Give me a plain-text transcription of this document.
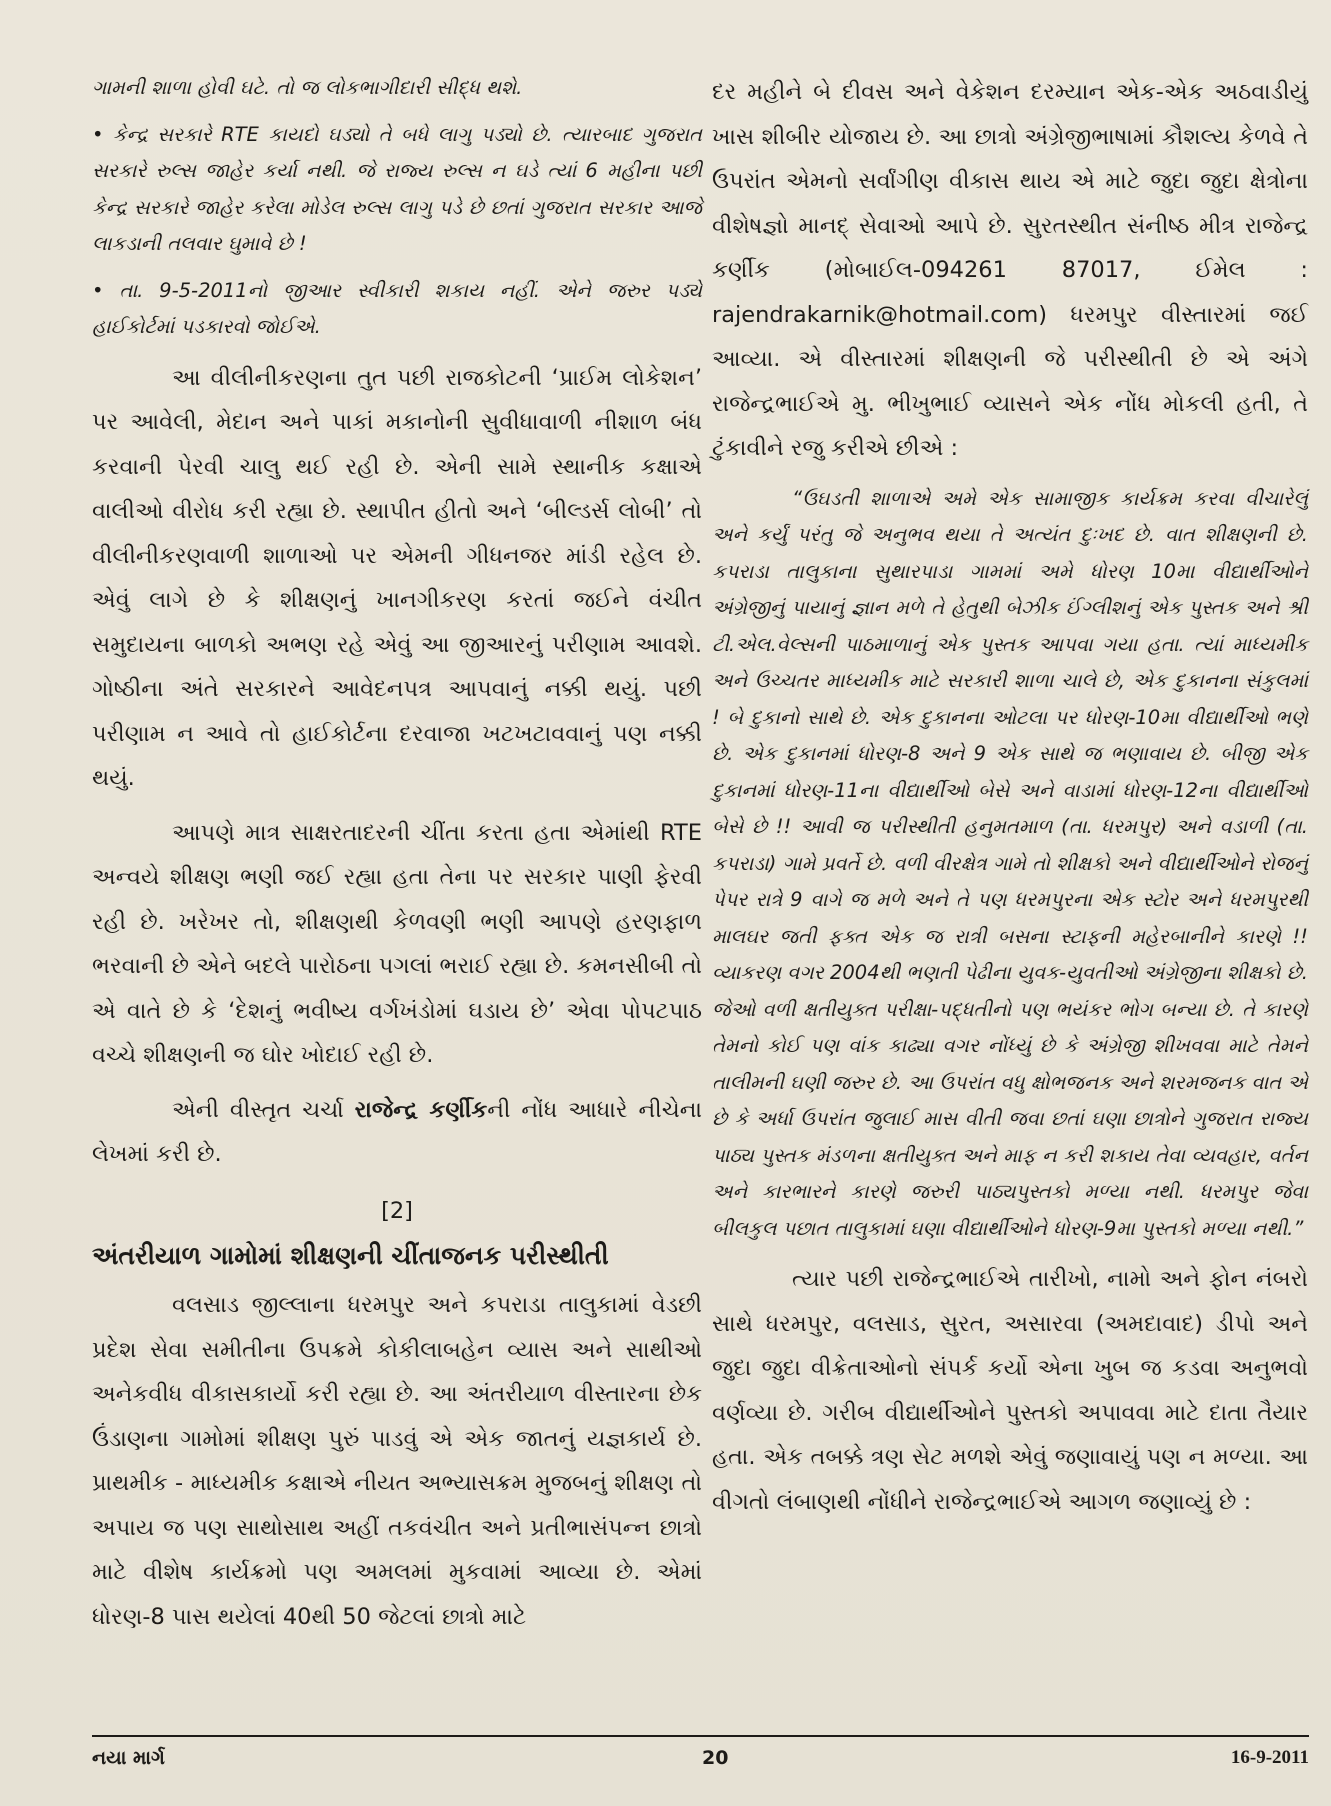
ગામની શાળા હોવી ઘટે. તો જ લોકભાગીદારી સીદ્ધ થશે.

• કેન્દ્ર સરકારે RTE કાયદો ઘડ્યો તે બધે લાગુ પડ્યો છે. ત્યારબાદ ગુજરાત સરકારે રુલ્સ જાહેર કર્યા નથી. જે રાજ્ય રુલ્સ ન ઘડે ત્યાં 6 મહીના પછી કેન્દ્ર સરકારે જાહેર કરેલા મોડેલ રુલ્સ લાગુ પડે છે છતાં ગુજરાત સરકાર આજે લાકડાની તલવાર ઘુમાવે છે !

• તા. 9-5-2011નો જીઆર સ્વીકારી શકાય નહીં. એને જરુર પડ્યે હાઈકોર્ટમાં પડકારવો જોઈએ.

આ વીલીનીકરણના તુત પછી રાજકોટની ‘પ્રાઈમ લોકેશન’ પર આવેલી, મેદાન અને પાકાં મકાનોની સુવીધાવાળી નીશાળ બંધ કરવાની પેરવી ચાલુ થઈ રહી છે. એની સામે સ્થાનીક કક્ષાએ વાલીઓ વીરોધ કરી રહ્યા છે. સ્થાપીત હીતો અને ‘બીલ્ડર્સ લોબી’ તો વીલીનીકરણવાળી શાળાઓ પર એમની ગીધનજર માંડી રહેલ છે. એવું લાગે છે કે શીક્ષણનું ખાનગીકરણ કરતાં જઈને વંચીત સમુદાયના બાળકો અભણ રહે એવું આ જીઆરનું પરીણામ આવશે. ગોષ્ઠીના અંતે સરકારને આવેદનપત્ર આપવાનું નક્કી થયું. પછી પરીણામ ન આવે તો હાઈકોર્ટના દરવાજા ખટખટાવવાનું પણ નક્કી થયું.

આપણે માત્ર સાક્ષરતાદરની ચીંતા કરતા હતા એમાંથી RTE અન્વયે શીક્ષણ ભણી જઈ રહ્યા હતા તેના પર સરકાર પાણી ફેરવી રહી છે. ખરેખર તો, શીક્ષણથી કેળવણી ભણી આપણે હરણફાળ ભરવાની છે એને બદલે પારોઠના પગલાં ભરાઈ રહ્યા છે. કમનસીબી તો એ વાતે છે કે ‘દેશનું ભવીષ્ય વર્ગખંડોમાં ઘડાય છે’ એવા પોપટપાઠ વચ્ચે શીક્ષણની જ ઘોર ખોદાઈ રહી છે.

એની વીસ્તૃત ચર્ચા રાજેન્દ્ર કર્ણીકની નોંધ આધારે નીચેના લેખમાં કરી છે.

[2]

અંતરીયાળ ગામોમાં શીક્ષણની ચીંતાજનક પરીસ્થીતી

વલસાડ જીલ્લાના ધરમપુર અને કપરાડા તાલુકામાં વેડછી પ્રદેશ સેવા સમીતીના ઉપક્રમે કોકીલાબહેન વ્યાસ અને સાથીઓ અનેકવીધ વીકાસકાર્યો કરી રહ્યા છે. આ અંતરીયાળ વીસ્તારના છેક ઉંડાણના ગામોમાં શીક્ષણ પુરું પાડવું એ એક જાતનું યજ્ઞકાર્ય છે. પ્રાથમીક - માધ્યમીક કક્ષાએ નીયત અભ્યાસક્રમ મુજબનું શીક્ષણ તો અપાય જ પણ સાથોસાથ અહીં તકવંચીત અને પ્રતીભાસંપન્ન છાત્રો માટે વીશેષ કાર્યક્રમો પણ અમલમાં મુકવામાં આવ્યા છે. એમાં ધોરણ-8 પાસ થયેલાં 40થી 50 જેટલાં છાત્રો માટે

દર મહીને બે દીવસ અને વેકેશન દરમ્યાન એક-એક અઠવાડીયું ખાસ શીબીર યોજાય છે. આ છાત્રો અંગ્રેજીભાષામાં કૌશલ્ય કેળવે તે ઉપરાંત એમનો સર્વાંગીણ વીકાસ થાય એ માટે જુદા જુદા ક્ષેત્રોના વીશેષજ્ઞો માનદ્ સેવાઓ આપે છે. સુરતસ્થીત સંનીષ્ઠ મીત્ર રાજેન્દ્ર કર્ણીક (મોબાઈલ-094261 87017, ઈમેલ : rajendrakarnik@hotmail.com) ધરમપુર વીસ્તારમાં જઈ આવ્યા. એ વીસ્તારમાં શીક્ષણની જે પરીસ્થીતી છે એ અંગે રાજેન્દ્રભાઈએ મુ. ભીખુભાઈ વ્યાસને એક નોંધ મોકલી હતી, તે ટુંકાવીને રજુ કરીએ છીએ :

“ઉઘડતી શાળાએ અમે એક સામાજીક કાર્યક્રમ કરવા વીચારેલું અને કર્યું પરંતુ જે અનુભવ થયા તે અત્યંત દુઃખદ છે. વાત શીક્ષણની છે. કપરાડા તાલુકાના સુથારપાડા ગામમાં અમે ધોરણ 10મા વીદ્યાર્થીઓને અંગ્રેજીનું પાયાનું જ્ઞાન મળે તે હેતુથી બેઝીક ઈંગ્લીશનું એક પુસ્તક અને શ્રી ટી.એલ.વેલ્સની પાઠમાળાનું એક પુસ્તક આપવા ગયા હતા. ત્યાં માધ્યમીક અને ઉચ્ચતર માધ્યમીક માટે સરકારી શાળા ચાલે છે, એક દુકાનના સંકુલમાં ! બે દુકાનો સાથે છે. એક દુકાનના ઓટલા પર ધોરણ-10મા વીદ્યાર્થીઓ ભણે છે. એક દુકાનમાં ધોરણ-8 અને 9 એક સાથે જ ભણાવાય છે. બીજી એક દુકાનમાં ધોરણ-11ના વીદ્યાર્થીઓ બેસે અને વાડામાં ધોરણ-12ના વીદ્યાર્થીઓ બેસે છે !! આવી જ પરીસ્થીતી હનુમતમાળ (તા. ધરમપુર) અને વડાળી (તા. કપરાડા) ગામે પ્રવર્તે છે. વળી વીરક્ષેત્ર ગામે તો શીક્ષકો અને વીદ્યાર્થીઓને રોજનું પેપર રાત્રે 9 વાગે જ મળે અને તે પણ ધરમપુરના એક સ્ટોર અને ધરમપુરથી માલઘર જતી ફક્ત એક જ રાત્રી બસના સ્ટાફની મહેરબાનીને કારણે !! વ્યાકરણ વગર 2004થી ભણતી પેઢીના યુવક-યુવતીઓ અંગ્રેજીના શીક્ષકો છે. જેઓ વળી ક્ષતીયુક્ત પરીક્ષા-પદ્ધતીનો પણ ભયંકર ભોગ બન્યા છે. તે કારણે તેમનો કોઈ પણ વાંક કાઢ્યા વગર નોંધ્યું છે કે અંગ્રેજી શીખવવા માટે તેમને તાલીમની ઘણી જરુર છે. આ ઉપરાંત વધુ ક્ષોભજનક અને શરમજનક વાત એ છે કે અર્ધા ઉપરાંત જુલાઈ માસ વીતી જવા છતાં ઘણા છાત્રોને ગુજરાત રાજ્ય પાઠ્ય પુસ્તક મંડળના ક્ષતીયુક્ત અને માફ ન કરી શકાય તેવા વ્યવહાર, વર્તન અને કારભારને કારણે જરુરી પાઠ્યપુસ્તકો મળ્યા નથી. ધરમપુર જેવા બીલકુલ પછાત તાલુકામાં ઘણા વીદ્યાર્થીઓને ધોરણ-9મા પુસ્તકો મળ્યા નથી.”

ત્યાર પછી રાજેન્દ્રભાઈએ તારીખો, નામો અને ફોન નંબરો સાથે ધરમપુર, વલસાડ, સુરત, અસારવા (અમદાવાદ) ડીપો અને જુદા જુદા વીક્રેતાઓનો સંપર્ક કર્યો એના ખુબ જ કડવા અનુભવો વર્ણવ્યા છે. ગરીબ વીદ્યાર્થીઓને પુસ્તકો અપાવવા માટે દાતા તૈયાર હતા. એક તબક્કે ત્રણ સેટ મળશે એવું જણાવાયું પણ ન મળ્યા. આ વીગતો લંબાણથી નોંધીને રાજેન્દ્રભાઈએ આગળ જણાવ્યું છે :

નયા માર્ગ	20	16-9-2011
